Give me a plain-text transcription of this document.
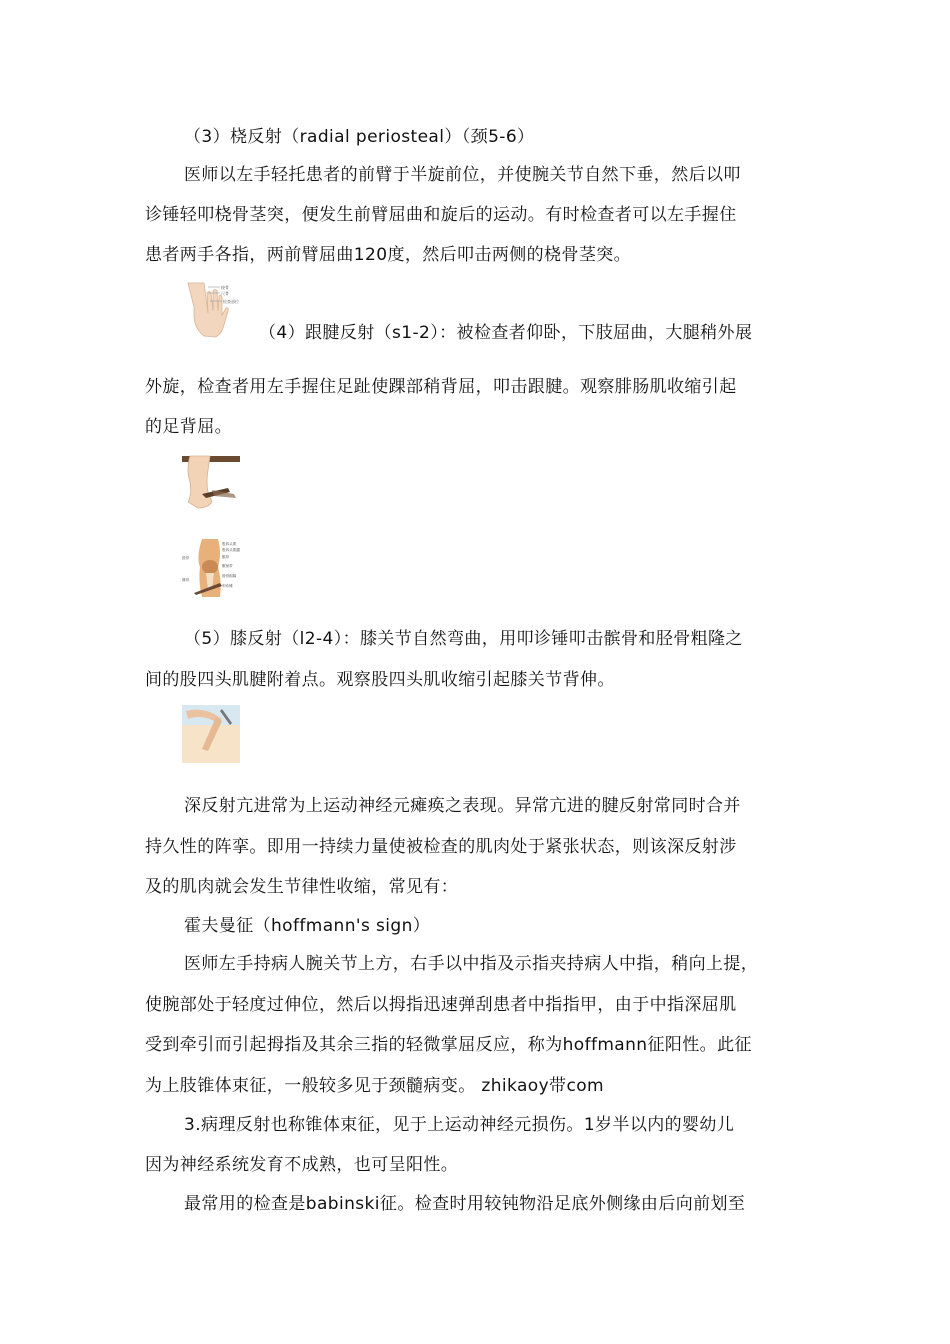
（3）桡反射（radial periosteal）（颈5-6）
医师以左手轻托患者的前臂于半旋前位，并使腕关节自然下垂，然后以叩
诊锤轻叩桡骨茎突，便发生前臂屈曲和旋后的运动。有时检查者可以左手握住
患者两手各指，两前臂屈曲120度，然后叩击两侧的桡骨茎突。
桡骨
尺骨
检查部位
（4）跟腱反射（s1-2）：被检查者仰卧，下肢屈曲，大腿稍外展
外旋，检查者用左手握住足趾使踝部稍背屈，叩击跟腱。观察腓肠肌收缩引起
的足背屈。
股四头肌
股四头肌腱
髌骨
髌韧带
胫骨
胫骨粗隆
叩诊锤
腓骨
（5）膝反射（l2-4）：膝关节自然弯曲，用叩诊锤叩击髌骨和胫骨粗隆之
间的股四头肌腱附着点。观察股四头肌收缩引起膝关节背伸。
深反射亢进常为上运动神经元瘫痪之表现。异常亢进的腱反射常同时合并
持久性的阵挛。即用一持续力量使被检查的肌肉处于紧张状态，则该深反射涉
及的肌肉就会发生节律性收缩，常见有：
霍夫曼征（hoffmann's sign）
医师左手持病人腕关节上方，右手以中指及示指夹持病人中指，稍向上提，
使腕部处于轻度过伸位，然后以拇指迅速弹刮患者中指指甲，由于中指深屈肌
受到牵引而引起拇指及其余三指的轻微掌屈反应，称为hoffmann征阳性。此征
为上肢锥体束征，一般较多见于颈髓病变。 zhikaoy带com
3.病理反射也称锥体束征，见于上运动神经元损伤。1岁半以内的婴幼儿
因为神经系统发育不成熟，也可呈阳性。
最常用的检查是babinski征。检查时用较钝物沿足底外侧缘由后向前划至
